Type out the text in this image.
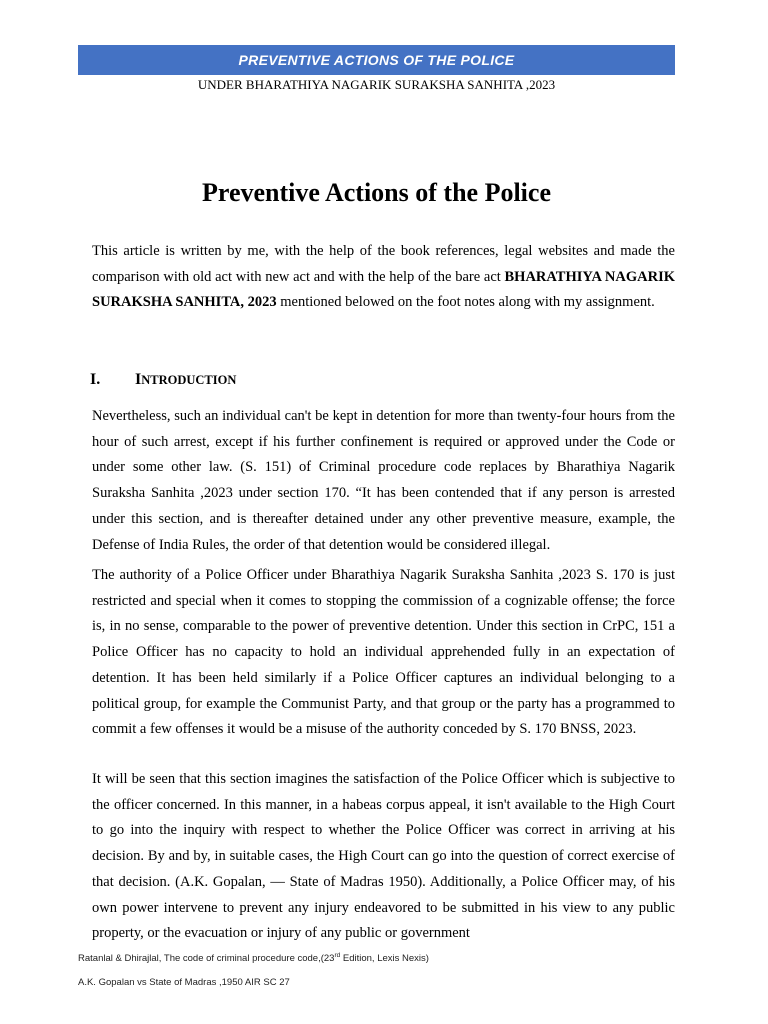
PREVENTIVE ACTIONS OF THE POLICE
UNDER BHARATHIYA NAGARIK SURAKSHA SANHITA ,2023
Preventive Actions of the Police

This article is written by me, with the help of the book references, legal websites and made the comparison with old act with new act and with the help of the bare act BHARATHIYA NAGARIK SURAKSHA SANHITA, 2023 mentioned belowed on the foot notes along with my assignment.

I. INTRODUCTION

Nevertheless, such an individual can't be kept in detention for more than twenty-four hours from the hour of such arrest, except if his further confinement is required or approved under the Code or under some other law. (S. 151) of Criminal procedure code replaces by Bharathiya Nagarik Suraksha Sanhita ,2023 under section 170. “It has been contended that if any person is arrested under this section, and is thereafter detained under any other preventive measure, example, the Defense of India Rules, the order of that detention would be considered illegal.

The authority of a Police Officer under Bharathiya Nagarik Suraksha Sanhita ,2023 S. 170 is just restricted and special when it comes to stopping the commission of a cognizable offense; the force is, in no sense, comparable to the power of preventive detention. Under this section in CrPC, 151 a Police Officer has no capacity to hold an individual apprehended fully in an expectation of detention. It has been held similarly if a Police Officer captures an individual belonging to a political group, for example the Communist Party, and that group or the party has a programmed to commit a few offenses it would be a misuse of the authority conceded by S. 170 BNSS, 2023.

It will be seen that this section imagines the satisfaction of the Police Officer which is subjective to the officer concerned. In this manner, in a habeas corpus appeal, it isn't available to the High Court to go into the inquiry with respect to whether the Police Officer was correct in arriving at his decision. By and by, in suitable cases, the High Court can go into the question of correct exercise of that decision. (A.K. Gopalan, — State of Madras 1950). Additionally, a Police Officer may, of his own power intervene to prevent any injury endeavored to be submitted in his view to any public property, or the evacuation or injury of any public or government

Ratanlal & Dhirajlal, The code of criminal procedure code,(23rd Edition, Lexis Nexis)

A.K. Gopalan vs State of Madras ,1950 AIR SC 27
